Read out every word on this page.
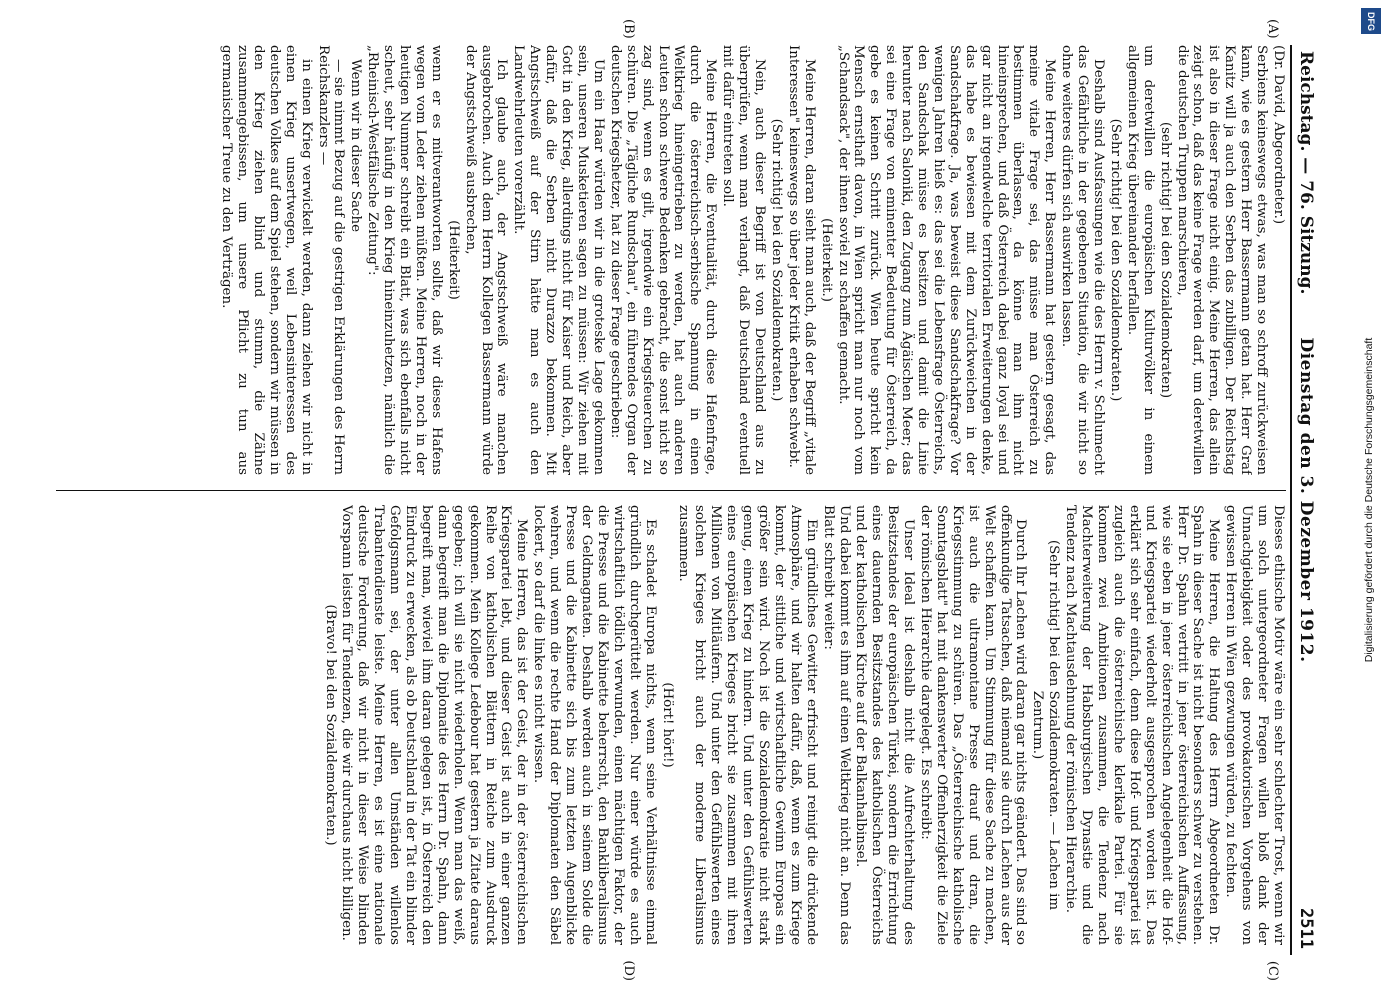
Reichstag. — 76. Sitzung.
Dienstag den 3. Dezember 1912.
2511
(A)
(B)
(C)
(D)

(Dr. David, Abgeordneter.)

Serbiens keineswegs etwas, was man so schroff zurückweisen kann, wie es gestern Herr Bassermann getan hat. Herr Graf Kanitz will ja auch den Serben das zubilligen. Der Reichstag ist also in dieser Frage nicht einig. Meine Herren, das allein zeigt schon, daß das keine Frage werden darf, um deretwillen die deutschen Truppen marschieren,

(sehr richtig! bei den Sozialdemokraten)

um deretwillen die europäischen Kulturvölker in einem allgemeinen Krieg übereinander herfallen.

(Sehr richtig! bei den Sozialdemokraten.)

Deshalb sind Ausfassungen wie die des Herrn v. Schlumecht das Gefährliche in der gegebenen Situation, die wir nicht so ohne weiteres dürfen sich auswirken lassen.

Meine Herren, Herr Bassermann hat gestern gesagt, das meine vitale Frage sei, das müsse man Österreich zu bestimmen überlassen, da könne man ihm nicht hineinsprechen, und daß Österreich dabei ganz loyal sei und gar nicht an irgendwelche territorialen Erweiterungen denke, das habe es bewiesen mit dem Zurückweichen in der Sandschakfrage. Ja, was beweist diese Sandschakfrage? Vor wenigen Jahren hieß es: das sei die Lebensfrage Österreichs, den Sandschak müsse es besitzen und damit die Linie herunter nach Saloniki, den Zugang zum Ägäischen Meer; das sei eine Frage von eminenter Bedeutung für Österreich, da gebe es keinen Schritt zurück. Wien heute spricht kein Mensch ernsthaft davon, in Wien spricht man nur noch vom „Schandsack", der ihnen soviel zu schaffen gemacht.

(Heiterkeit.)

Meine Herren, daran sieht man auch, daß der Begriff „vitale Interessen" keineswegs so über jeder Kritik erhaben schwebt.

(Sehr richtig! bei den Sozialdemokraten.)

Nein, auch dieser Begriff ist von Deutschland aus zu überprüfen, wenn man verlangt, daß Deutschland eventuell mit dafür eintreten soll.

Meine Herren, die Eventualität, durch diese Hafenfrage, durch die österreichisch-serbische Spannung in einen Weltkrieg hineingetrieben zu werden, hat auch anderen Leuten schon schwere Bedenken gebracht, die sonst nicht so zag sind, wenn es gilt, irgendwie ein Kriegsfeuerchen zu schüren. Die „Tägliche Rundschau", ein führendes Organ der deutschen Kriegshetzer, hat zu dieser Frage geschrieben:

Um ein Haar würden wir in die groteske Lage gekommen sein, unseren Musketieren sagen zu müssen: Wir ziehen mit Gott in den Krieg, allerdings nicht für Kaiser und Reich, aber dafür, daß die Serben nicht Durazzo bekommen. Mit Angstschweiß auf der Stirn hätte man es auch den Landwehrleuten vorerzählt.

Ich glaube auch, der Angstschweiß wäre manchen ausgebrochen. Auch dem Herrn Kollegen Bassermann würde der Angstschweiß ausbrechen,

(Heiterkeit)

wenn er es mitverantworten sollte, daß wir dieses Hafens wegen vom Leder ziehen müßten. Meine Herren, noch in der heutigen Nummer schreibt ein Blatt, was sich ebenfalls nicht scheut, sehr häufig in den Krieg hineinzuhetzen, nämlich die „Rheinisch-Westfälische Zeitung":

Wenn wir in dieser Sache

— sie nimmt Bezug auf die gestrigen Erklärungen des Herrn Reichskanzlers —

in einen Krieg verwickelt werden, dann ziehen wir nicht in einen Krieg unsertwegen, weil Lebensinteressen des deutschen Volkes auf dem Spiel stehen, sondern wir müssen in den Krieg ziehen blind und stumm, die Zähne zusammengebissen, um unsere Pflicht zu tun aus germanischer Treue zu den Verträgen.

Dieses ethische Motiv wäre ein sehr schlechter Trost, wenn wir um solch untergeordneter Fragen willen bloß dank der Unnachgiebigkeit oder des provokatorischen Vorgehens von gewissen Herren in Wien gezwungen würden, zu fechten.

Meine Herren, die Haltung des Herrn Abgeordneten Dr. Spahn in dieser Sache ist nicht besonders schwer zu verstehen. Herr Dr. Spahn vertritt in jener österreichischen Auffassung, wie sie eben in jener österreichischen Angelegenheit die Hof- und Kriegspartei wiederholt ausgesprochen worden ist. Das erklärt sich sehr einfach, denn diese Hof- und Kriegspartei ist zugleich auch die österreichische klerikale Partei. Für sie kommen zwei Ambitionen zusammen, die Tendenz nach Machterweiterung der Habsburgischen Dynastie und die Tendenz nach Machtausdehnung der römischen Hierarchie.

(Sehr richtig! bei den Sozialdemokraten. — Lachen im Zentrum.)

Durch Ihr Lachen wird daran gar nichts geändert. Das sind so offenkundige Tatsachen, daß niemand sie durch Lachen aus der Welt schaffen kann. Um Stimmung für diese Sache zu machen, ist auch die ultramontane Presse drauf und dran, die Kriegsstimmung zu schüren. Das „Österreichische katholische Sonntagsblatt" hat mit dankenswerter Offenherzigkeit die Ziele der römischen Hierarchie dargelegt. Es schreibt:

Unser Ideal ist deshalb nicht die Aufrechterhaltung des Besitzstandes der europäischen Türkei, sondern die Errichtung eines dauernden Besitzstandes des katholischen Österreichs und der katholischen Kirche auf der Balkanhalbinsel.

Und dabei kommt es ihm auf einen Weltkrieg nicht an. Denn das Blatt schreibt weiter:

Ein gründliches Gewitter erfrischt und reinigt die drückende Atmosphäre, und wir halten dafür, daß, wenn es zum Kriege kommt, der sittliche und wirtschaftliche Gewinn Europas ein größer sein wird. Noch ist die Sozialdemokratie nicht stark genug, einen Krieg zu hindern. Und unter den Gefühlswerten eines europäischen Krieges bricht sie zusammen mit ihren Millionen von Mitläufern. Und unter den Gefühlswerten eines solchen Krieges bricht auch der moderne Liberalismus zusammen.

(Hört! hört!)

Es schadet Europa nichts, wenn seine Verhältnisse einmal gründlich durchgerüttelt werden. Nur einer würde es auch wirtschaftlich tödlich verwunden, einen mächtigen Faktor, der die Presse und die Kabinette beherrscht, den Bankliberalismus der Geldmagnaten. Deshalb werden auch in seinem Solde die Presse und die Kabinette sich bis zum letzten Augenblicke wehren, und wenn die rechte Hand der Diplomaten den Säbel lockert, so darf die linke es nicht wissen.

Meine Herren, das ist der Geist, der in der österreichischen Kriegspartei lebt, und dieser Geist ist auch in einer ganzen Reihe von katholischen Blättern in Reiche zum Ausdruck gekommen. Mein Kollege Ledebour hat gestern ja Zitate daraus gegeben; ich will sie nicht wiederholen. Wenn man das weiß, dann begreift man die Diplomatie des Herrn Dr. Spahn, dann begreift man, wieviel ihm daran gelegen ist, in Österreich den Eindruck zu erwecken, als ob Deutschland in der Tat ein blinder Gefolgsmann sei, der unter allen Umständen willenlos Trabantendienste leiste. Meine Herren, es ist eine nationale deutsche Forderung, daß wir nicht in dieser Weise blinden Vorspann leisten für Tendenzen, die wir durchaus nicht billigen.

(Bravo! bei den Sozialdemokraten.)

DFG
Digitalisierung gefördert durch die Deutsche Forschungsgemeinschaft
